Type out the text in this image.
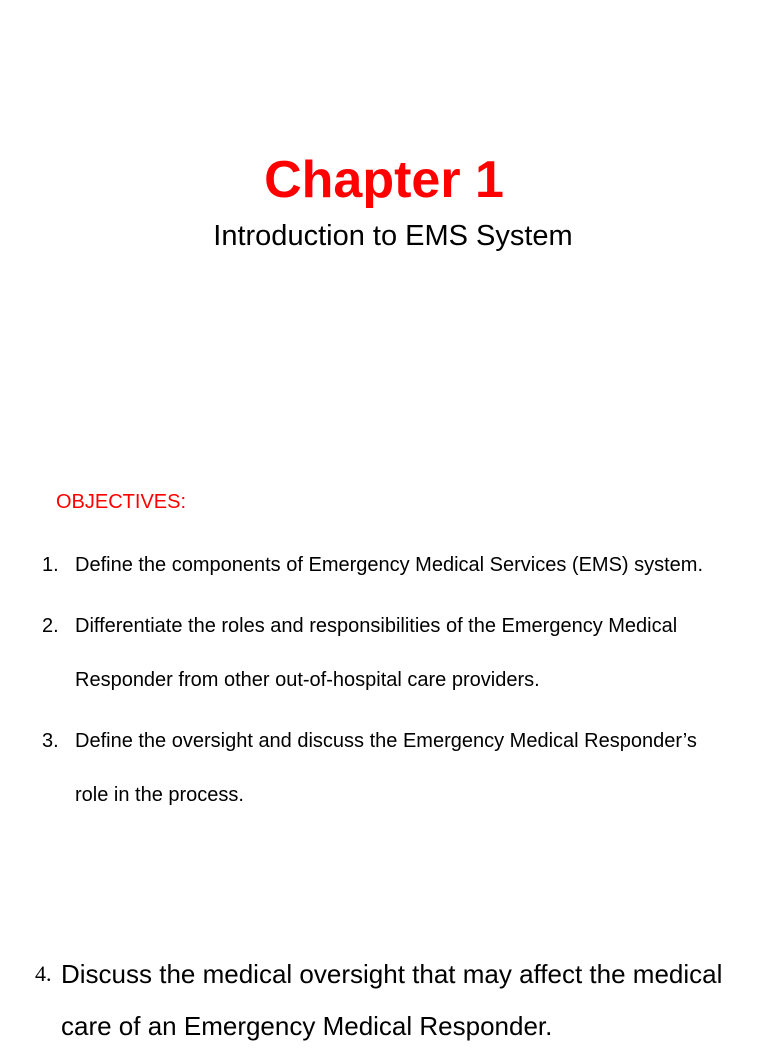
Chapter 1
Introduction to EMS System
OBJECTIVES:
1. Define the components of Emergency Medical Services (EMS) system.
2. Differentiate the roles and responsibilities of the Emergency Medical Responder from other out-of-hospital care providers.
3. Define the oversight and discuss the Emergency Medical Responder’s role in the process.
4. Discuss the medical oversight that may affect the medical care of an Emergency Medical Responder.
